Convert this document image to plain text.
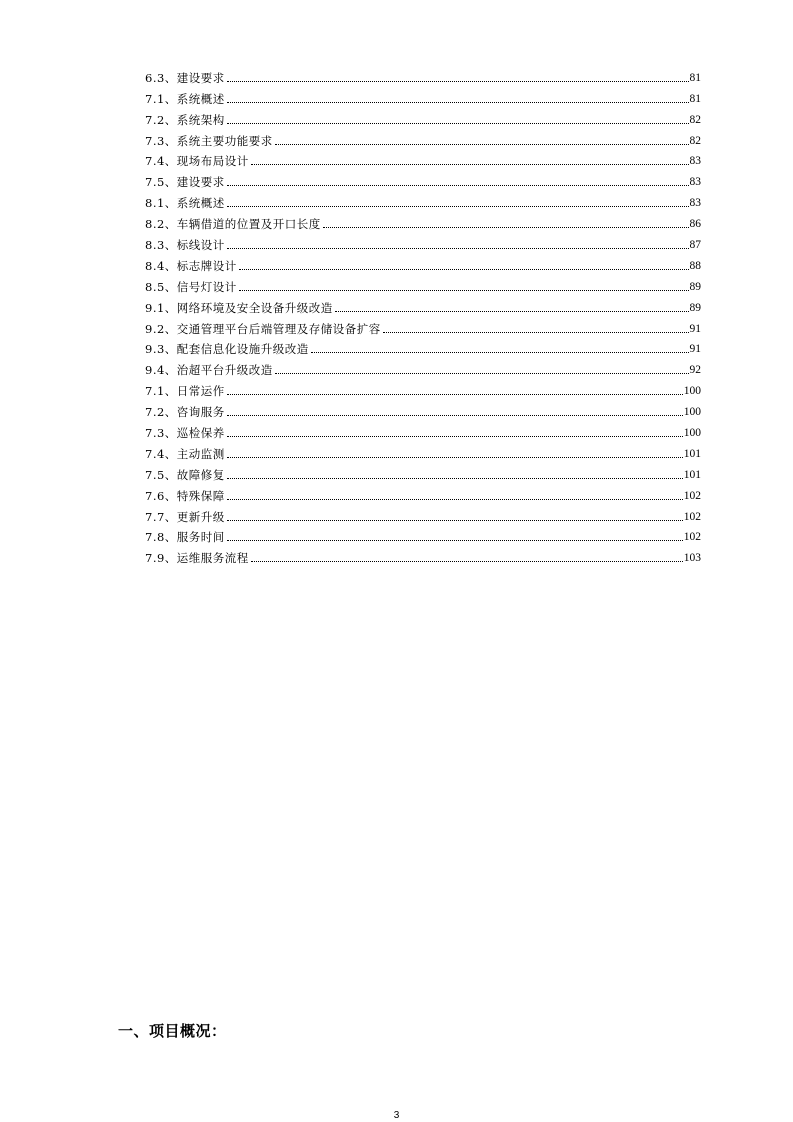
6.3、建设要求	81
7.1、系统概述	81
7.2、系统架构	82
7.3、系统主要功能要求	82
7.4、现场布局设计	83
7.5、建设要求	83
8.1、系统概述	83
8.2、车辆借道的位置及开口长度	86
8.3、标线设计	87
8.4、标志牌设计	88
8.5、信号灯设计	89
9.1、网络环境及安全设备升级改造	89
9.2、交通管理平台后端管理及存储设备扩容	91
9.3、配套信息化设施升级改造	91
9.4、治超平台升级改造	92
7.1、日常运作	100
7.2、咨询服务	100
7.3、巡检保养	100
7.4、主动监测	101
7.5、故障修复	101
7.6、特殊保障	102
7.7、更新升级	102
7.8、服务时间	102
7.9、运维服务流程	103
一、项目概况：
3
